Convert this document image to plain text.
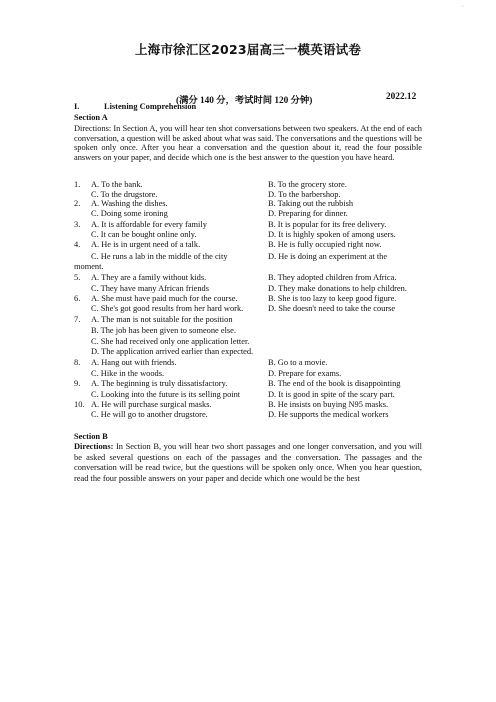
·
上海市徐汇区2023届高三一模英语试卷
(满分 140 分，考试时间 120 分钟)	2022.12
I.	Listening Comprehension
Section A
Directions: In Section A, you will hear ten shot conversations between two speakers. At the end of each conversation, a question will be asked about what was said. The conversations and the questions will be spoken only once. After you hear a conversation and the question about it, read the four possible answers on your paper, and decide which one is the best answer to the question you have heard.
1. A. To the bank.	B. To the grocery store.
C. To the drugstore.	D. To the barbershop.
2. A. Washing the dishes.	B. Taking out the rubbish
C. Doing some ironing	D. Preparing for dinner.
3. A. It is affordable for every family	B. It is popular for its free delivery.
C. It can be bought online only.	D. It is highly spoken of among users.
4. A. He is in urgent need of a talk.	B. He is fully occupied right now.
C. He runs a lab in the middle of the city	D. He is doing an experiment at the
moment.
5. A. They are a family without kids.	B. They adopted children from Africa.
C. They have many African friends	D. They make donations to help children.
6. A. She must have paid much for the course.	B. She is too lazy to keep good figure.
C. She's got good results from her hard work.	D. She doesn't need to take the course
7. A. The man is not suitable for the position
B. The job has been given to someone else.
C. She had received only one application letter.
D. The application arrived earlier than expected.
8. A. Hang out with friends.	B. Go to a movie.
C. Hike in the woods.	D. Prepare for exams.
9. A. The beginning is truly dissatisfactory.	B. The end of the book is disappointing
C. Looking into the future is its selling point	D. It is good in spite of the scary part.
10. A. He will purchase surgical masks.	B. He insists on buying N95 masks.
C. He will go to another drugstore.	D. He supports the medical workers
Section B
Directions: In Section B, you will hear two short passages and one longer conversation, and you will be asked several questions on each of the passages and the conversation. The passages and the conversation will be read twice, but the questions will be spoken only once. When you hear question, read the four possible answers on your paper and decide which one would be the best
